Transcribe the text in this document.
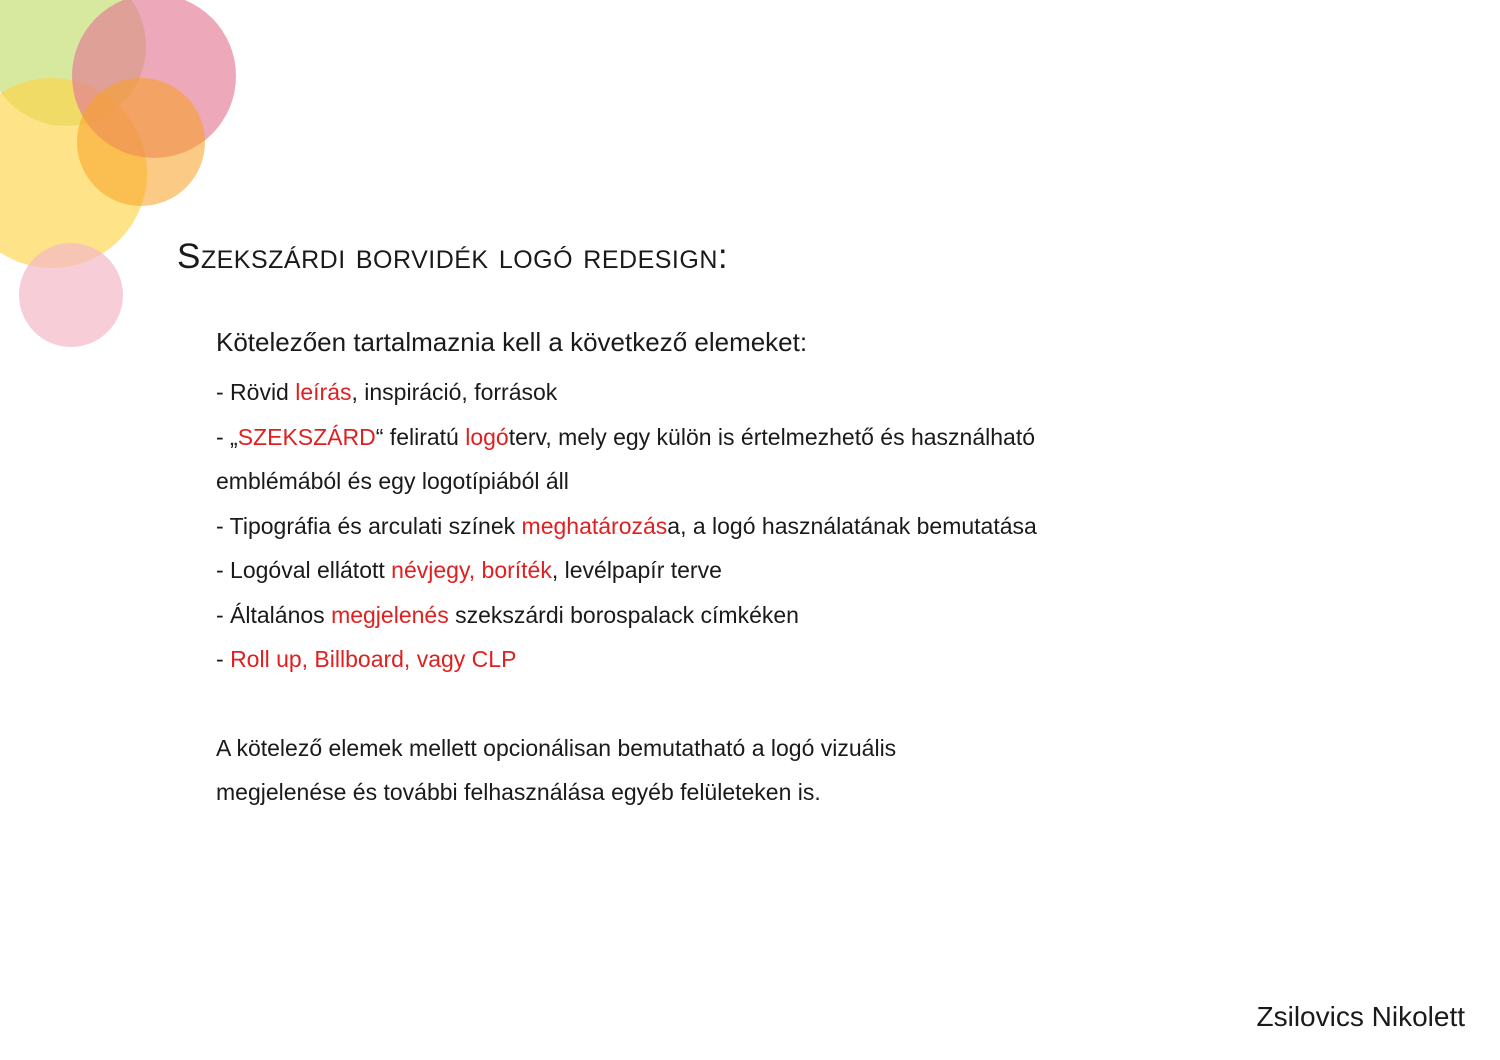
Szekszárdi borvidék logó redesign:
Kötelezően tartalmaznia kell a következő elemeket:
- Rövid leírás, inspiráció, források
- „SZEKSZÁRD“ feliratú logóterv, mely egy külön is értelmezhető és használható
emblémából és egy logotípiából áll
- Tipográfia és arculati színek meghatározása, a logó használatának bemutatása
- Logóval ellátott névjegy, boríték, levélpapír terve
- Általános megjelenés szekszárdi borospalack címkéken
- Roll up, Billboard, vagy CLP
A kötelező elemek mellett opcionálisan bemutatható a logó vizuális
megjelenése és további felhasználása egyéb felületeken is.
Zsilovics Nikolett
